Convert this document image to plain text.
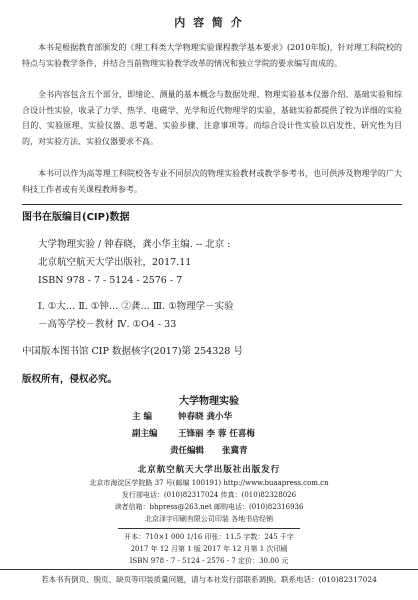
内 容 简 介

本书是根据教育部颁发的《理工科类大学物理实验课程教学基本要求》(2010年版)，针对理工科院校的特点与实验教学条件，并结合当前物理实验教学改革的情况和独立学院的要求编写而成的。

全书内容包含五个部分，即绪论、测量的基本概念与数据处理、物理实验基本仪器介绍、基础实验和综合设计性实验，收录了力学、热学、电磁学、光学和近代物理学的实验，基础实验都提供了较为详细的实验目的、实验原理、实验仪器、思考题、实验步骤、注意事项等。而综合设计性实验以启发性、研究性为目的，对实验方法、实验仪器要求不高。

本书可以作为高等理工科院校各专业不同层次的物理实验教材或教学参考书，也可供涉及物理学的广大科技工作者或有关课程教师参考。

图书在版编目(CIP)数据
大学物理实验 / 钟春晓，龚小华主编. -- 北京 :
北京航空航天大学出版社，2017.11
ISBN 978 - 7 - 5124 - 2576 - 7
Ⅰ. ①大… Ⅱ. ①钟… ②龚… Ⅲ. ①物理学－实验
－高等学校－教材 Ⅳ. ①O4 - 33
中国版本图书馆 CIP 数据核字(2017)第 254328 号
版权所有，侵权必究。
大学物理实验
主 编	钟春晓 龚小华
副主编 王锋丽 李 蓉 任喜梅
责任编辑 张冀青
北京航空航天大学出版社出版发行
北京市海淀区学院路 37 号(邮编 100191) http://www.buaapress.com.cn
发行部电话：(010)82317024 传真：(010)82328026
读者信箱：bhpress@263.net 邮购电话：(010)82316936
北京泽宇印刷有限公司印装 各地书店经销
开本：710×1 000 1/16 印张：11.5 字数：245 千字
2017 年 12 月第 1 版 2017 年 12 月第 1 次印刷
ISBN 978 - 7 - 5124 - 2576 - 7 定价：30.00 元
若本书有倒页、脱页、缺页等印装质量问题，请与本社发行部联系调换。联系电话：(010)82317024
